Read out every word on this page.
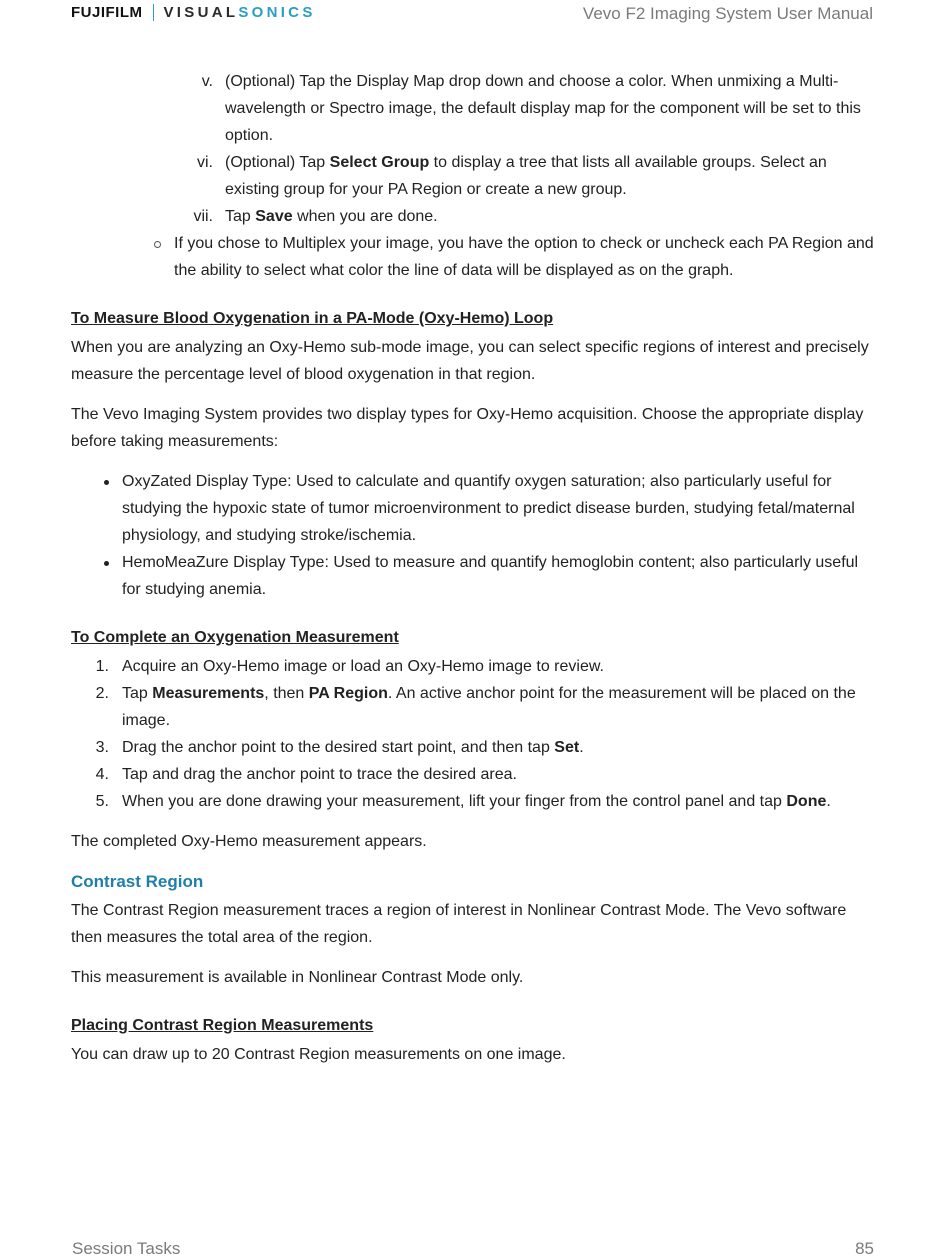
FUJIFILM VISUAL SONICS	Vevo F2 Imaging System User Manual
v. (Optional) Tap the Display Map drop down and choose a color. When unmixing a Multi-wavelength or Spectro image, the default display map for the component will be set to this option.
vi. (Optional) Tap Select Group to display a tree that lists all available groups. Select an existing group for your PA Region or create a new group.
vii. Tap Save when you are done.
If you chose to Multiplex your image, you have the option to check or uncheck each PA Region and the ability to select what color the line of data will be displayed as on the graph.
To Measure Blood Oxygenation in a PA-Mode (Oxy-Hemo) Loop

When you are analyzing an Oxy-Hemo sub-mode image, you can select specific regions of interest and precisely measure the percentage level of blood oxygenation in that region.

The Vevo Imaging System provides two display types for Oxy-Hemo acquisition. Choose the appropriate display before taking measurements:

OxyZated Display Type: Used to calculate and quantify oxygen saturation; also particularly useful for studying the hypoxic state of tumor microenvironment to predict disease burden, studying fetal/maternal physiology, and studying stroke/ischemia.
HemoMeaZure Display Type: Used to measure and quantify hemoglobin content; also particularly useful for studying anemia.
To Complete an Oxygenation Measurement
1. Acquire an Oxy-Hemo image or load an Oxy-Hemo image to review.
2. Tap Measurements, then PA Region. An active anchor point for the measurement will be placed on the image.
3. Drag the anchor point to the desired start point, and then tap Set.
4. Tap and drag the anchor point to trace the desired area.
5. When you are done drawing your measurement, lift your finger from the control panel and tap Done.

The completed Oxy-Hemo measurement appears.

Contrast Region

The Contrast Region measurement traces a region of interest in Nonlinear Contrast Mode. The Vevo software then measures the total area of the region.

This measurement is available in Nonlinear Contrast Mode only.

Placing Contrast Region Measurements

You can draw up to 20 Contrast Region measurements on one image.

Session Tasks	85
